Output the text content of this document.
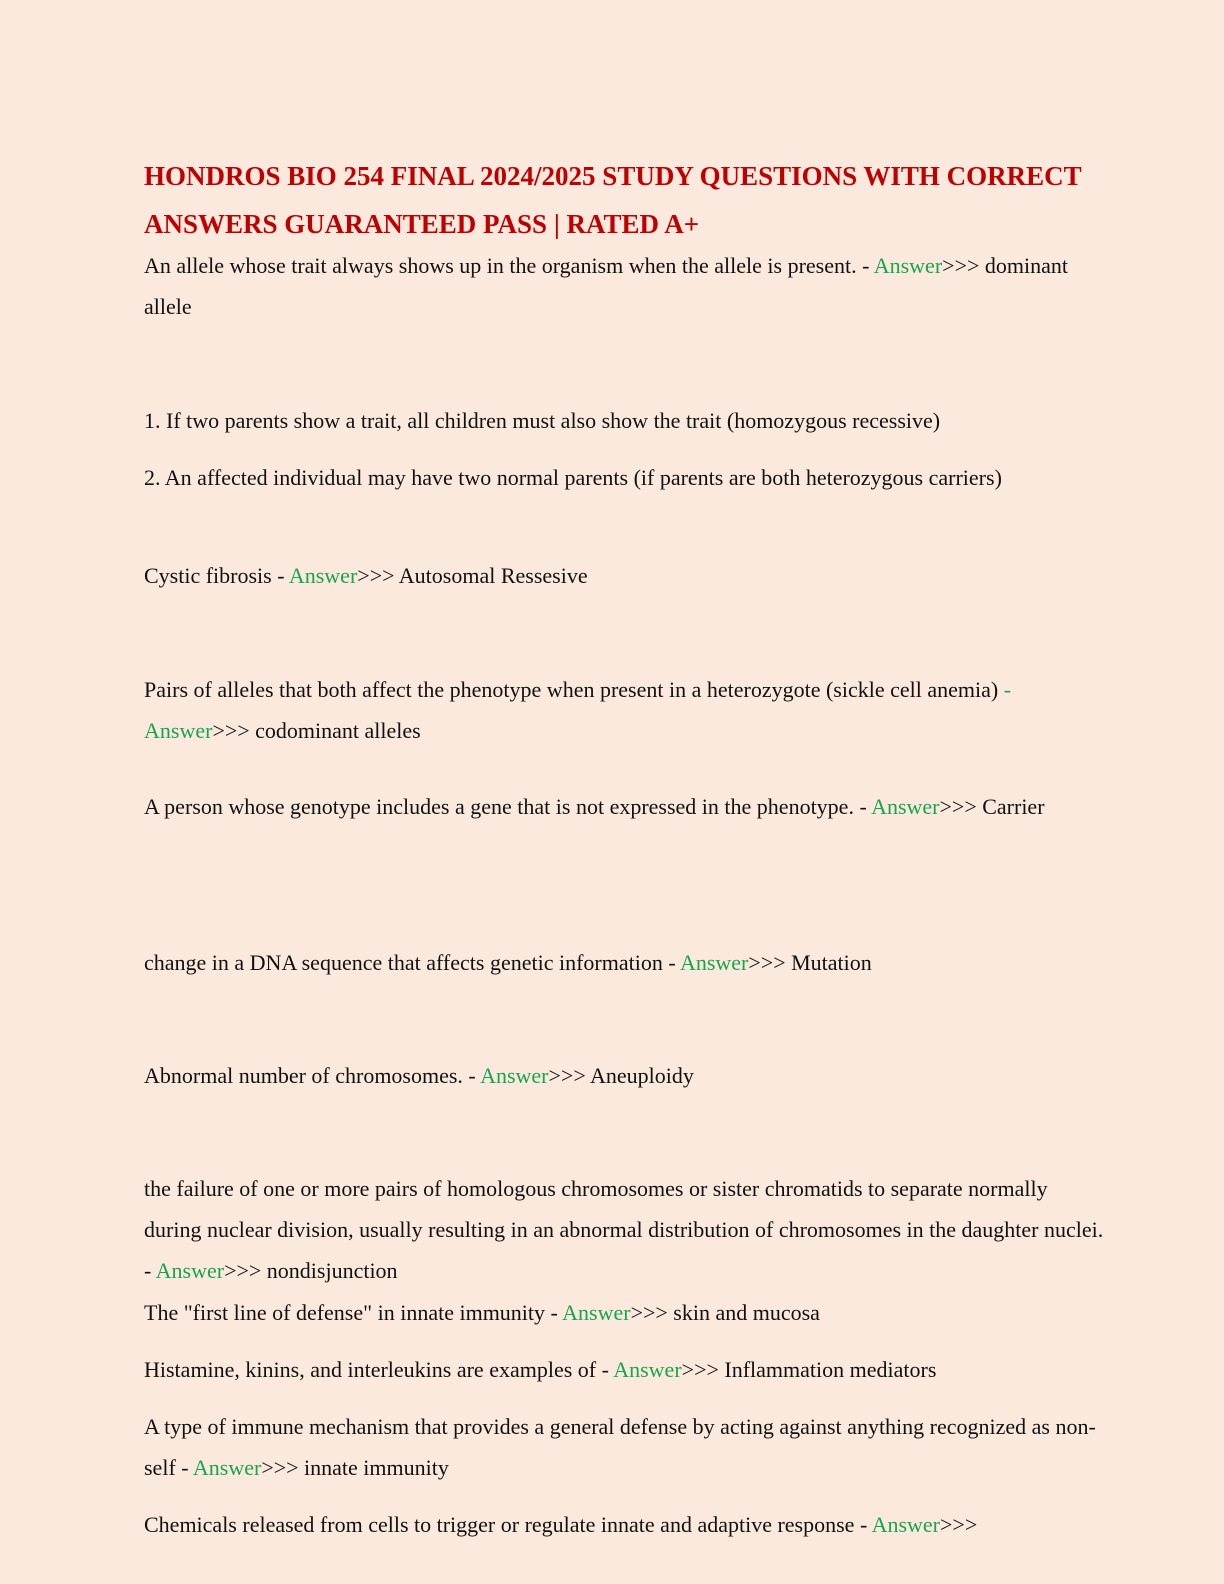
HONDROS BIO 254 FINAL 2024/2025 STUDY QUESTIONS WITH CORRECT ANSWERS GUARANTEED PASS | RATED A+

An allele whose trait always shows up in the organism when the allele is present. - Answer>>> dominant allele

1. If two parents show a trait, all children must also show the trait (homozygous recessive)

2. An affected individual may have two normal parents (if parents are both heterozygous carriers)

Cystic fibrosis - Answer>>> Autosomal Ressesive

Pairs of alleles that both affect the phenotype when present in a heterozygote (sickle cell anemia) - Answer>>> codominant alleles

A person whose genotype includes a gene that is not expressed in the phenotype. - Answer>>> Carrier

change in a DNA sequence that affects genetic information - Answer>>> Mutation

Abnormal number of chromosomes. - Answer>>> Aneuploidy

the failure of one or more pairs of homologous chromosomes or sister chromatids to separate normally during nuclear division, usually resulting in an abnormal distribution of chromosomes in the daughter nuclei. - Answer>>> nondisjunction

The "first line of defense" in innate immunity - Answer>>> skin and mucosa

Histamine, kinins, and interleukins are examples of - Answer>>> Inflammation mediators

A type of immune mechanism that provides a general defense by acting against anything recognized as non-self - Answer>>> innate immunity

Chemicals released from cells to trigger or regulate innate and adaptive response - Answer>>>
